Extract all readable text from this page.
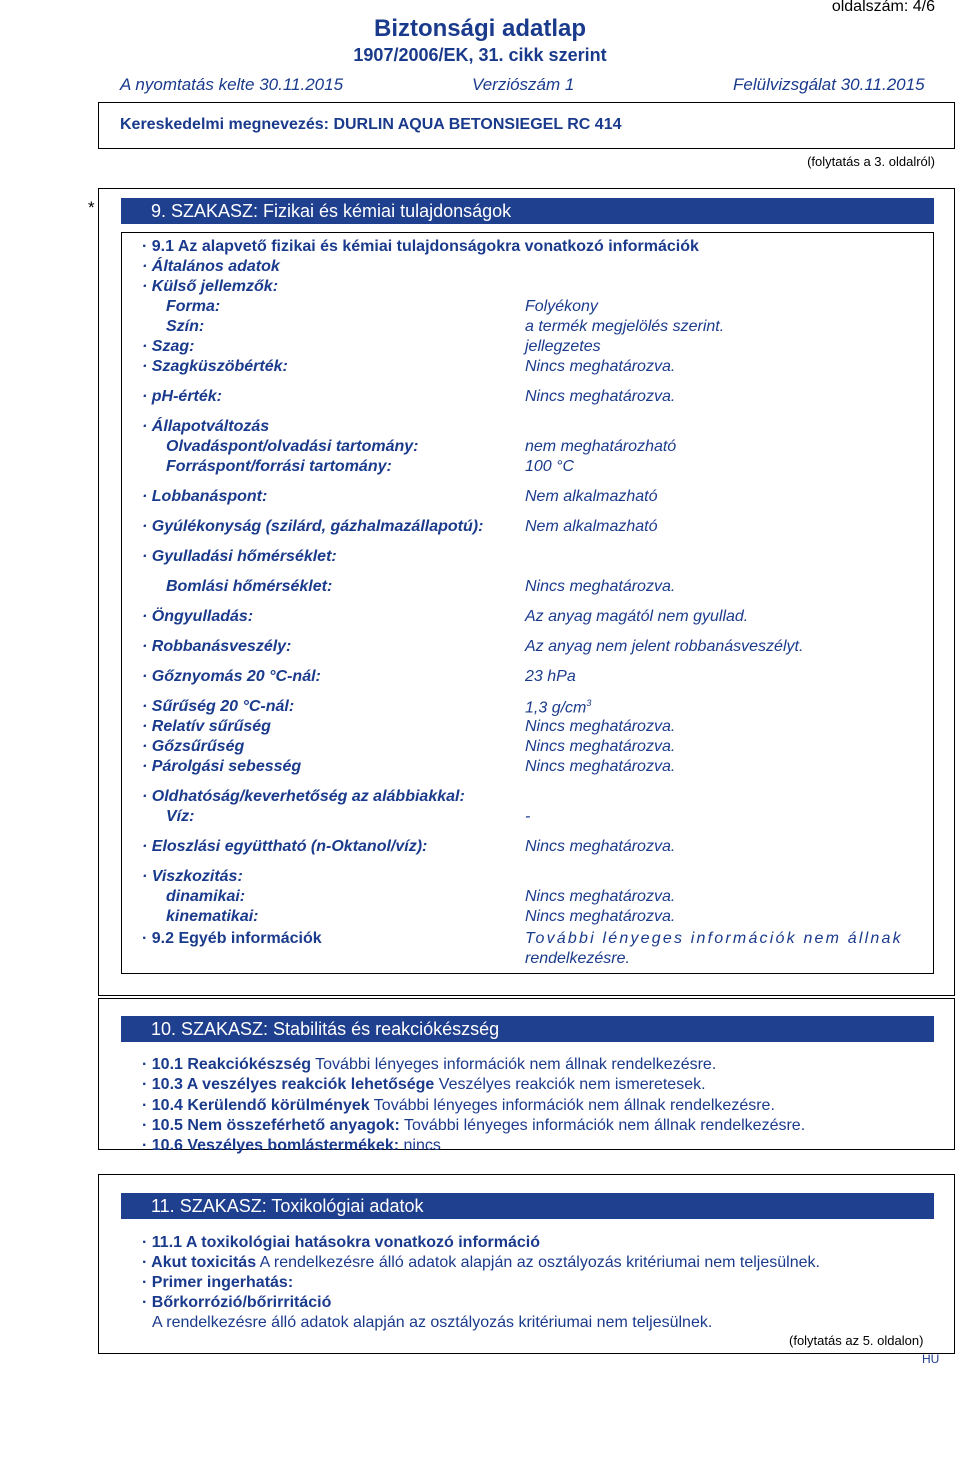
oldalszám: 4/6
Biztonsági adatlap
1907/2006/EK, 31. cikk szerint
A nyomtatás kelte 30.11.2015	Verziószám 1	Felülvizsgálat 30.11.2015
Kereskedelmi megnevezés: DURLIN AQUA BETONSIEGEL RC 414
(folytatás a 3. oldalról)
*	9. SZAKASZ: Fizikai és kémiai tulajdonságok
· 9.1 Az alapvető fizikai és kémiai tulajdonságokra vonatkozó információk
· Általános adatok
· Külső jellemzők:
Forma:	Folyékony
Szín:	a termék megjelölés szerint.
· Szag:	jellegzetes
· Szagküszöbérték:	Nincs meghatározva.
· pH-érték:	Nincs meghatározva.
· Állapotváltozás
Olvadáspont/olvadási tartomány:	nem meghatározható
Forráspont/forrási tartomány:	100 °C
· Lobbanáspont:	Nem alkalmazható
· Gyúlékonyság (szilárd, gázhalmazállapotú):	Nem alkalmazható
· Gyulladási hőmérséklet:
Bomlási hőmérséklet:	Nincs meghatározva.
· Öngyulladás:	Az anyag magától nem gyullad.
· Robbanásveszély:	Az anyag nem jelent robbanásveszélyt.
· Gőznyomás 20 °C-nál:	23 hPa
· Sűrűség 20 °C-nál:	1,3 $g/cm^3$
· Relatív sűrűség	Nincs meghatározva.
· Gőzsűrűség	Nincs meghatározva.
· Párolgási sebesség	Nincs meghatározva.
· Oldhatóság/keverhetőség az alábbiakkal:
Víz:	-
· Eloszlási együttható (n-Oktanol/víz):	Nincs meghatározva.
· Viszkozitás:
dinamikai:	Nincs meghatározva.
kinematikai:	Nincs meghatározva.
· 9.2 Egyéb információk	További lényeges információk nem állnak
rendelkezésre.
10. SZAKASZ: Stabilitás és reakciókészség
· 10.1 Reakciókészség További lényeges információk nem állnak rendelkezésre.
· 10.3 A veszélyes reakciók lehetősége Veszélyes reakciók nem ismeretesek.
· 10.4 Kerülendő körülmények További lényeges információk nem állnak rendelkezésre.
· 10.5 Nem összeférhető anyagok: További lényeges információk nem állnak rendelkezésre.
· 10.6 Veszélyes bomlástermékek: nincs
11. SZAKASZ: Toxikológiai adatok
· 11.1 A toxikológiai hatásokra vonatkozó információ
· Akut toxicitás A rendelkezésre álló adatok alapján az osztályozás kritériumai nem teljesülnek.
· Primer ingerhatás:
· Bőrkorrózió/bőrirritáció
A rendelkezésre álló adatok alapján az osztályozás kritériumai nem teljesülnek.
(folytatás az 5. oldalon)
HU
